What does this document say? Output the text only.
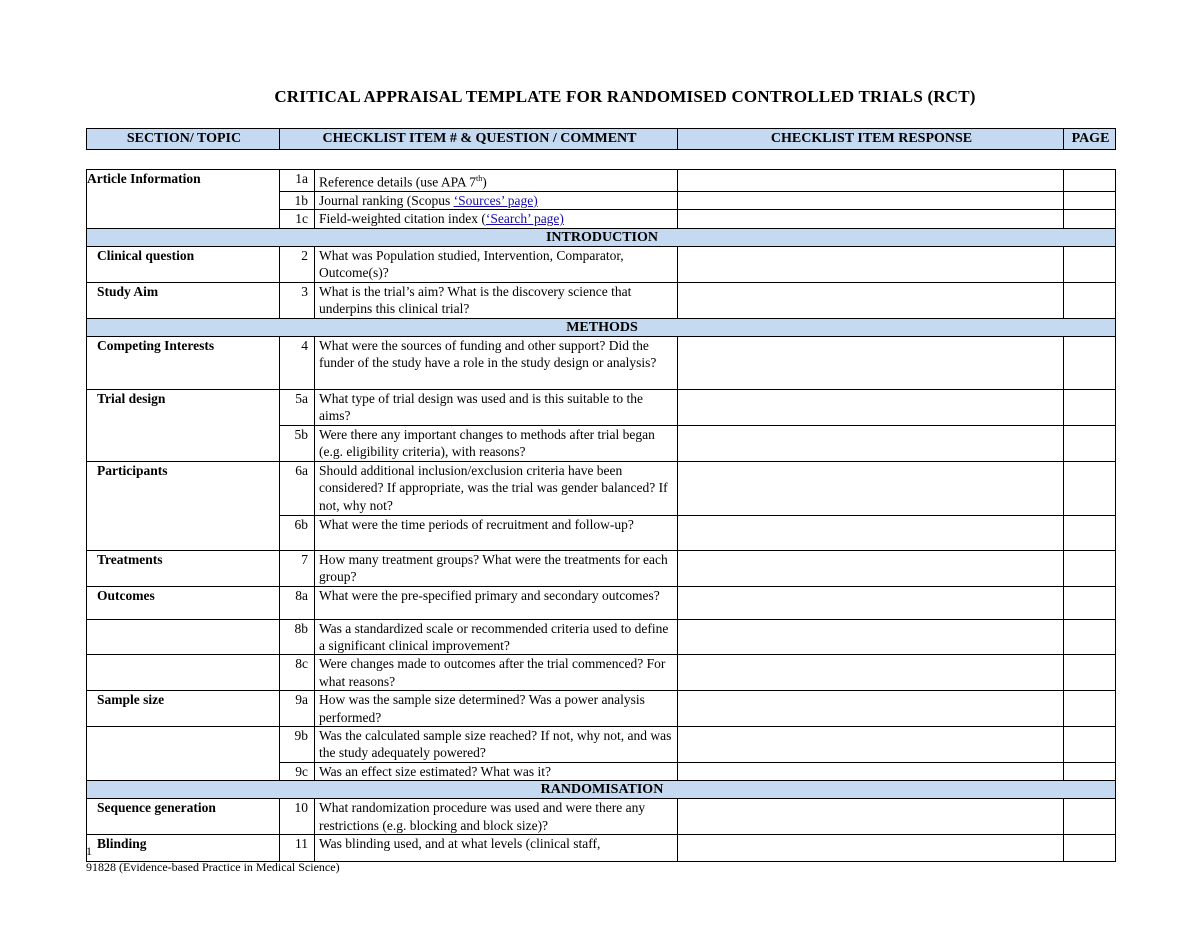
CRITICAL APPRAISAL TEMPLATE FOR RANDOMISED CONTROLLED TRIALS (RCT)
SECTION/ TOPIC	CHECKLIST ITEM # & QUESTION / COMMENT	CHECKLIST ITEM RESPONSE	PAGE
Article Information	1a	Reference details (use APA 7th)		
	1b	Journal ranking (Scopus ‘Sources’ page)		
	1c	Field-weighted citation index (‘Search’ page)		
INTRODUCTION				
Clinical question	2	What was Population studied, Intervention, Comparator, Outcome(s)?		
Study Aim	3	What is the trial’s aim? What is the discovery science that underpins this clinical trial?		
METHODS				
Competing Interests	4	What were the sources of funding and other support? Did the funder of the study have a role in the study design or analysis?		
Trial design	5a	What type of trial design was used and is this suitable to the aims?		
	5b	Were there any important changes to methods after trial began (e.g. eligibility criteria), with reasons?		
Participants	6a	Should additional inclusion/exclusion criteria have been considered? If appropriate, was the trial was gender balanced? If not, why not?		
	6b	What were the time periods of recruitment and follow-up?		
Treatments	7	How many treatment groups? What were the treatments for each group?		
Outcomes	8a	What were the pre-specified primary and secondary outcomes?		
	8b	Was a standardized scale or recommended criteria used to define a significant clinical improvement?		
	8c	Were changes made to outcomes after the trial commenced? For what reasons?		
Sample size	9a	How was the sample size determined? Was a power analysis performed?		
	9b	Was the calculated sample size reached? If not, why not, and was the study adequately powered?		
	9c	Was an effect size estimated? What was it?		
RANDOMISATION				
Sequence generation	10	What randomization procedure was used and were there any restrictions (e.g. blocking and block size)?		
Blinding	11	Was blinding used, and at what levels (clinical staff,		
1
91828 (Evidence-based Practice in Medical Science)
